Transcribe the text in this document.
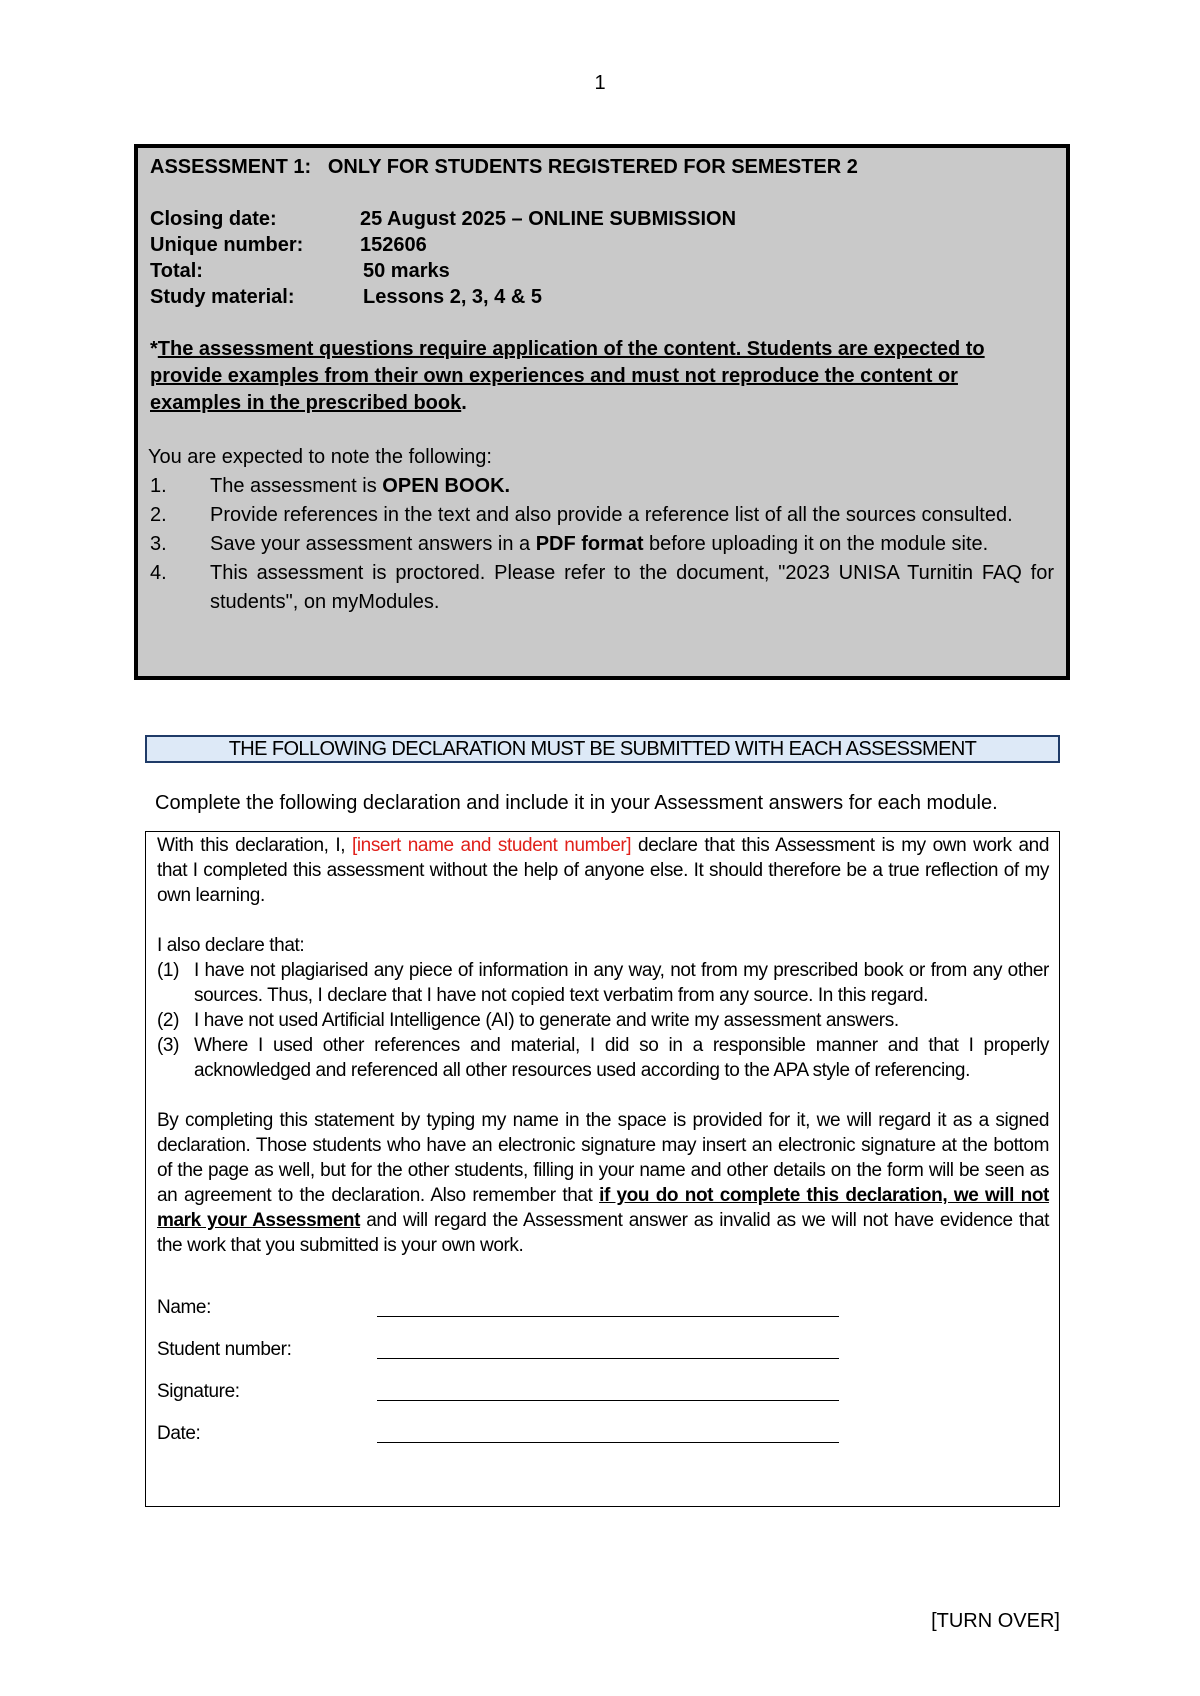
1
ASSESSMENT 1:   ONLY FOR STUDENTS REGISTERED FOR SEMESTER 2
Closing date:	25 August 2025 – ONLINE SUBMISSION
Unique number:	152606
Total:	50 marks
Study material:	Lessons 2, 3, 4 & 5
*The assessment questions require application of the content. Students are expected to provide examples from their own experiences and must not reproduce the content or examples in the prescribed book.
You are expected to note the following:
1.	The assessment is OPEN BOOK.
2.	Provide references in the text and also provide a reference list of all the sources consulted.
3.	Save your assessment answers in a PDF format before uploading it on the module site.
4.	This assessment is proctored. Please refer to the document, "2023 UNISA Turnitin FAQ for students", on myModules.
THE FOLLOWING DECLARATION MUST BE SUBMITTED WITH EACH ASSESSMENT
Complete the following declaration and include it in your Assessment answers for each module.

With this declaration, I, [insert name and student number] declare that this Assessment is my own work and that I completed this assessment without the help of anyone else. It should therefore be a true reflection of my own learning.

I also declare that:

(1) I have not plagiarised any piece of information in any way, not from my prescribed book or from any other sources. Thus, I declare that I have not copied text verbatim from any source. In this regard.
(2) I have not used Artificial Intelligence (AI) to generate and write my assessment answers.
(3) Where I used other references and material, I did so in a responsible manner and that I properly acknowledged and referenced all other resources used according to the APA style of referencing.

By completing this statement by typing my name in the space is provided for it, we will regard it as a signed declaration. Those students who have an electronic signature may insert an electronic signature at the bottom of the page as well, but for the other students, filling in your name and other details on the form will be seen as an agreement to the declaration. Also remember that if you do not complete this declaration, we will not mark your Assessment and will regard the Assessment answer as invalid as we will not have evidence that the work that you submitted is your own work.

Name:
Student number:
Signature:
Date:
[TURN OVER]
